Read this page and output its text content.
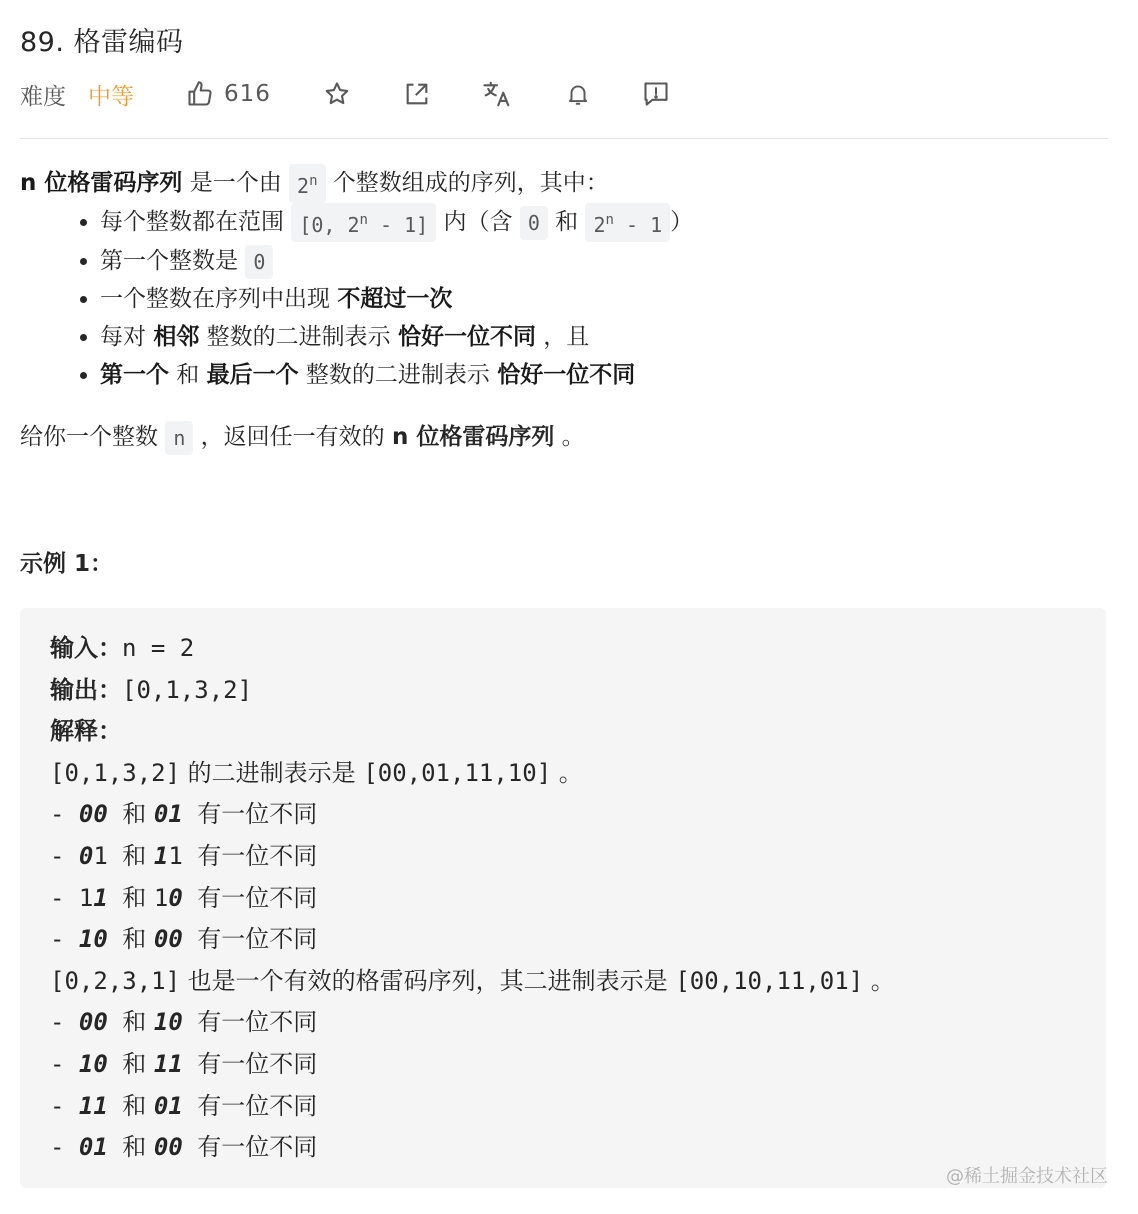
89. 格雷编码
难度 中等	616
n 位格雷码序列 是一个由 2$^n$ 个整数组成的序列，其中：
每个整数都在范围 [0, 2$^n$ - 1] 内（含 0 和 2$^n$ - 1 ）
第一个整数是 0
一个整数在序列中出现 不超过一次
每对 相邻 整数的二进制表示 恰好一位不同 ，且
第一个 和 最后一个 整数的二进制表示 恰好一位不同
给你一个整数 n ，返回任一有效的 n 位格雷码序列 。
示例 1：
输入：n = 2
输出：[0,1,3,2]
解释：
[0,1,3,2] 的二进制表示是 [00,01,11,10] 。
- 00 和 01 有一位不同
- 01 和 11 有一位不同
- 11 和 10 有一位不同
- 10 和 00 有一位不同
[0,2,3,1] 也是一个有效的格雷码序列，其二进制表示是 [00,10,11,01] 。
- 00 和 10 有一位不同
- 10 和 11 有一位不同
- 11 和 01 有一位不同
- 01 和 00 有一位不同
@稀土掘金技术社区
